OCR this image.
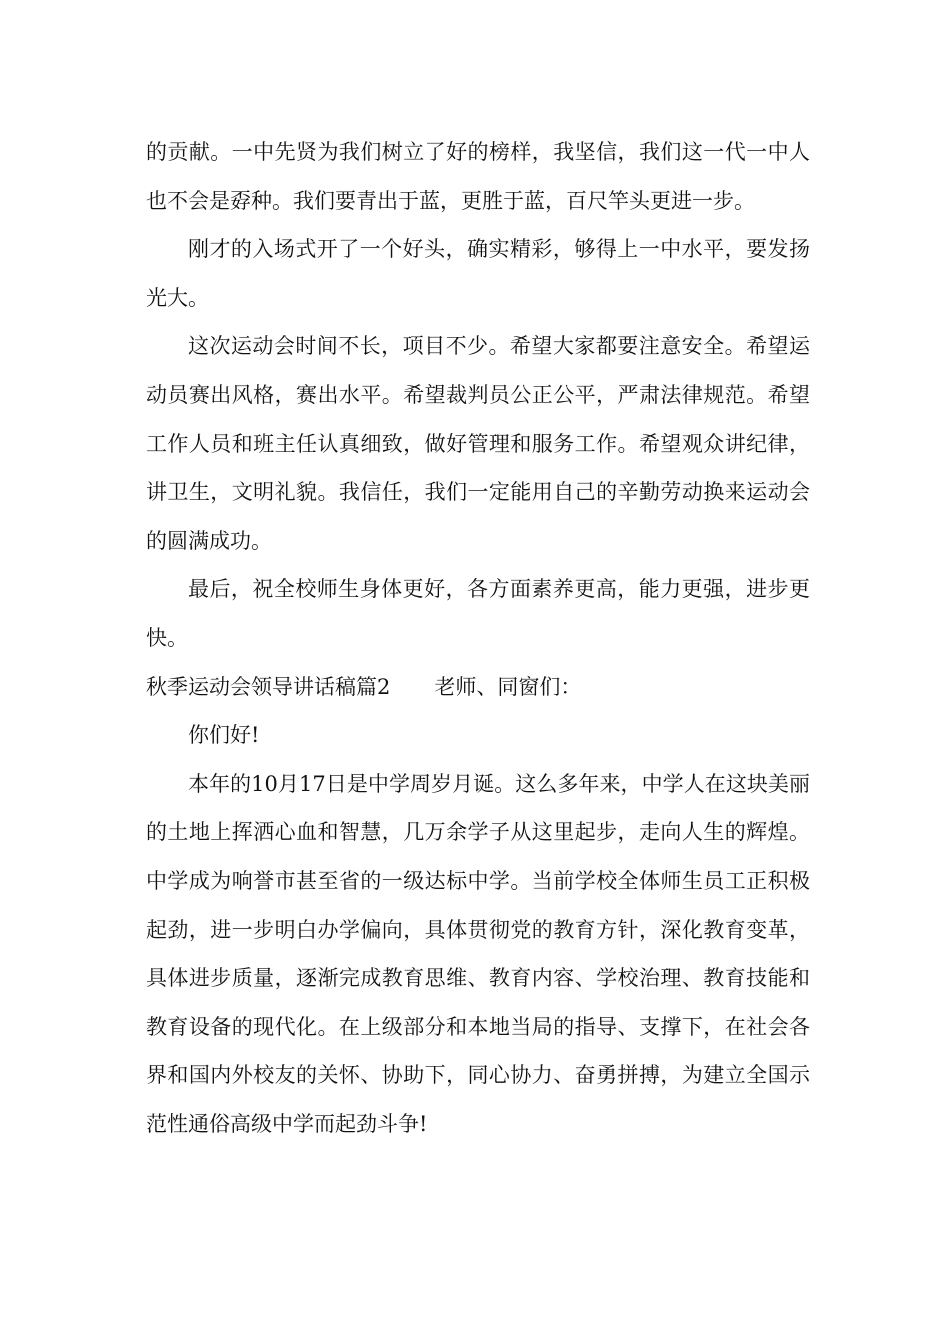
的贡献。一中先贤为我们树立了好的榜样，我坚信，我们这一代一中人也不会是孬种。我们要青出于蓝，更胜于蓝，百尺竿头更进一步。

刚才的入场式开了一个好头，确实精彩，够得上一中水平，要发扬光大。

这次运动会时间不长，项目不少。希望大家都要注意安全。希望运动员赛出风格，赛出水平。希望裁判员公正公平，严肃法律规范。希望工作人员和班主任认真细致，做好管理和服务工作。希望观众讲纪律，讲卫生，文明礼貌。我信任，我们一定能用自己的辛勤劳动换来运动会的圆满成功。

最后，祝全校师生身体更好，各方面素养更高，能力更强，进步更快。

秋季运动会领导讲话稿篇2 老师、同窗们：

你们好!

本年的10月17日是中学周岁月诞。这么多年来，中学人在这块美丽的土地上挥洒心血和智慧，几万余学子从这里起步，走向人生的辉煌。中学成为响誉市甚至省的一级达标中学。当前学校全体师生员工正积极起劲，进一步明白办学偏向，具体贯彻党的教育方针，深化教育变革，具体进步质量，逐渐完成教育思维、教育内容、学校治理、教育技能和教育设备的现代化。在上级部分和本地当局的指导、支撑下，在社会各界和国内外校友的关怀、协助下，同心协力、奋勇拼搏，为建立全国示范性通俗高级中学而起劲斗争!
